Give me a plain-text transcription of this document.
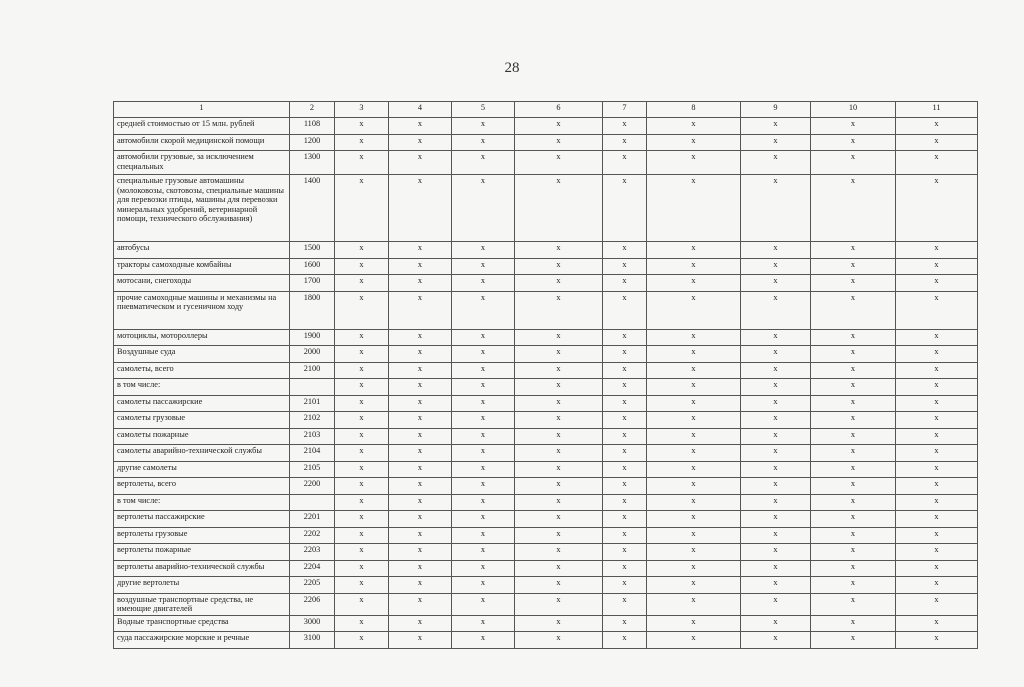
28
1	2	3	4	5	6	7	8	9	10	11
средней стоимостью от 15 млн. рублей	1108	x	x	x	x	x	x	x	x	x
автомобили скорой медицинской помощи	1200	x	x	x	x	x	x	x	x	x
автомобили грузовые, за исключением специальных	1300	x	x	x	x	x	x	x	x	x
специальные грузовые автомашины (молоковозы, скотовозы, специальные машины для перевозки птицы, машины для перевозки минеральных удобрений, ветеринарной помощи, технического обслуживания)	1400	x	x	x	x	x	x	x	x	x
автобусы	1500	x	x	x	x	x	x	x	x	x
тракторы самоходные комбайны	1600	x	x	x	x	x	x	x	x	x
мотосани, снегоходы	1700	x	x	x	x	x	x	x	x	x
прочие самоходные машины и механизмы на пневматическом и гусеничном ходу	1800	x	x	x	x	x	x	x	x	x
мотоциклы, мотороллеры	1900	x	x	x	x	x	x	x	x	x
Воздушные суда	2000	x	x	x	x	x	x	x	x	x
самолеты, всего	2100	x	x	x	x	x	x	x	x	x
в том числе:		x	x	x	x	x	x	x	x	x
самолеты пассажирские	2101	x	x	x	x	x	x	x	x	x
самолеты грузовые	2102	x	x	x	x	x	x	x	x	x
самолеты пожарные	2103	x	x	x	x	x	x	x	x	x
самолеты аварийно-технической службы	2104	x	x	x	x	x	x	x	x	x
другие самолеты	2105	x	x	x	x	x	x	x	x	x
вертолеты, всего	2200	x	x	x	x	x	x	x	x	x
в том числе:		x	x	x	x	x	x	x	x	x
вертолеты пассажирские	2201	x	x	x	x	x	x	x	x	x
вертолеты грузовые	2202	x	x	x	x	x	x	x	x	x
вертолеты пожарные	2203	x	x	x	x	x	x	x	x	x
вертолеты аварийно-технической службы	2204	x	x	x	x	x	x	x	x	x
другие вертолеты	2205	x	x	x	x	x	x	x	x	x
воздушные транспортные средства, не имеющие двигателей	2206	x	x	x	x	x	x	x	x	x
Водные транспортные средства	3000	x	x	x	x	x	x	x	x	x
суда пассажирские морские и речные	3100	x	x	x	x	x	x	x	x	x
